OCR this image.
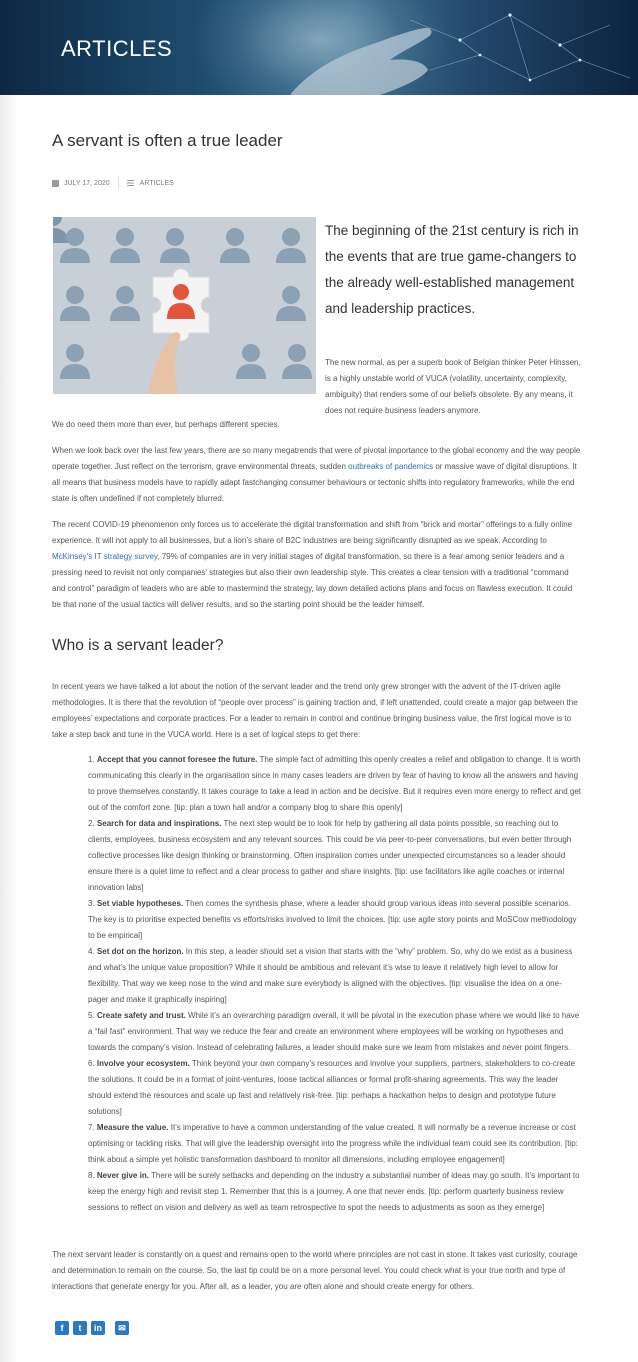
ARTICLES
A servant is often a true leader
JULY 17, 2020	ARTICLES

The beginning of the 21st century is rich in the events that are true game-changers to the already well-established management and leadership practices.

The new normal, as per a superb book of Belgian thinker Peter Hinssen, is a highly unstable world of VUCA (volatility, uncertainty, complexity, ambiguity) that renders some of our beliefs obsolete. By any means, it does not require business leaders anymore.

We do need them more than ever, but perhaps different species.

When we look back over the last few years, there are so many megatrends that were of pivotal importance to the global economy and the way people operate together. Just reflect on the terrorism, grave environmental threats, sudden outbreaks of pandemics or massive wave of digital disruptions. It all means that business models have to rapidly adapt fastchanging consumer behaviours or tectonic shifts into regulatory frameworks, while the end state is often undefined if not completely blurred.

The recent COVID-19 phenomenon only forces us to accelerate the digital transformation and shift from “brick and mortar” offerings to a fully online experience. It will not apply to all businesses, but a lion’s share of B2C industries are being significantly disrupted as we speak. According to McKinsey’s IT strategy survey, 79% of companies are in very initial stages of digital transformation, so there is a fear among senior leaders and a pressing need to revisit not only companies’ strategies but also their own leadership style. This creates a clear tension with a traditional “command and control” paradigm of leaders who are able to mastermind the strategy, lay down detailed actions plans and focus on flawless execution. It could be that none of the usual tactics will deliver results, and so the starting point should be the leader himself.

Who is a servant leader?

In recent years we have talked a lot about the notion of the servant leader and the trend only grew stronger with the advent of the IT-driven agile methodologies. It is there that the revolution of “people over process” is gaining traction and, if left unattended, could create a major gap between the employees’ expectations and corporate practices. For a leader to remain in control and continue bringing business value, the first logical move is to take a step back and tune in the VUCA world. Here is a set of logical steps to get there:

1. Accept that you cannot foresee the future. The simple fact of admitting this openly creates a relief and obligation to change. It is worth communicating this clearly in the organisation since in many cases leaders are driven by fear of having to know all the answers and having to prove themselves constantly. It takes courage to take a lead in action and be decisive. But it requires even more energy to reflect and get out of the comfort zone. [tip: plan a town hall and/or a company blog to share this openly]

2. Search for data and inspirations. The next step would be to look for help by gathering all data points possible, so reaching out to clients, employees, business ecosystem and any relevant sources. This could be via peer-to-peer conversations, but even better through collective processes like design thinking or brainstorming. Often inspiration comes under unexpected circumstances so a leader should ensure there is a quiet time to reflect and a clear process to gather and share insights. [tip: use facilitators like agile coaches or internal innovation labs]

3. Set viable hypotheses. Then comes the synthesis phase, where a leader should group various ideas into several possible scenarios. The key is to prioritise expected benefits vs efforts/risks involved to limit the choices. [tip: use agile story points and MoSCow methodology to be empirical]

4. Set dot on the horizon. In this step, a leader should set a vision that starts with the “why” problem. So, why do we exist as a business and what’s the unique value proposition? While it should be ambitious and relevant it’s wise to leave it relatively high level to allow for flexibility. That way we keep nose to the wind and make sure everybody is aligned with the objectives. [tip: visualise the idea on a one-pager and make it graphically inspiring]

5. Create safety and trust. While it’s an overarching paradigm overall, it will be pivotal in the execution phase where we would like to have a “fail fast” environment. That way we reduce the fear and create an environment where employees will be working on hypotheses and towards the company’s vision. Instead of celebrating failures, a leader should make sure we learn from mistakes and never point fingers.

6. Involve your ecosystem. Think beyond your own company’s resources and involve your suppliers, partners, stakeholders to co-create the solutions. It could be in a format of joint-ventures, loose tactical alliances or formal profit-sharing agreements. This way the leader should extend the resources and scale up fast and relatively risk-free. [tip: perhaps a hackathon helps to design and prototype future solutions]

7. Measure the value. It’s imperative to have a common understanding of the value created. It will normally be a revenue increase or cost optimising or tackling risks. That will give the leadership oversight into the progress while the individual team could see its contribution. [tip: think about a simple yet holistic transformation dashboard to monitor all dimensions, including employee engagement]

8. Never give in. There will be surely setbacks and depending on the industry a substantial number of ideas may go south. It’s important to keep the energy high and revisit step 1. Remember that this is a journey. A one that never ends. [tip: perform quarterly business review sessions to reflect on vision and delivery as well as team retrospective to spot the needs to adjustments as soon as they emerge]

The next servant leader is constantly on a quest and remains open to the world where principles are not cast in stone. It takes vast curiosity, courage and determination to remain on the course. So, the last tip could be on a more personal level. You could check what is your true north and type of interactions that generate energy for you. After all, as a leader, you are often alone and should create energy for others.

f	t	in	✉
